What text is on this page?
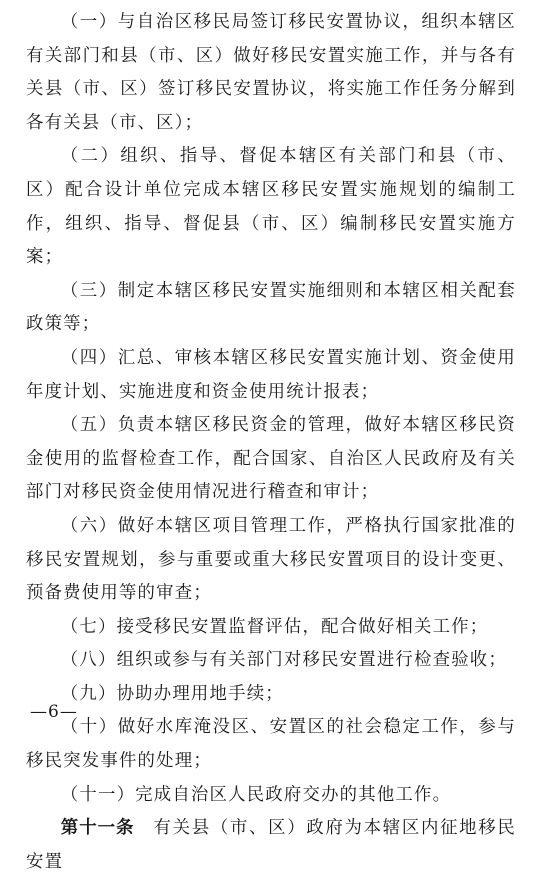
（一）与自治区移民局签订移民安置协议，组织本辖区有关部门和县（市、区）做好移民安置实施工作，并与各有关县（市、区）签订移民安置协议，将实施工作任务分解到各有关县（市、区）；

（二）组织、指导、督促本辖区有关部门和县（市、区）配合设计单位完成本辖区移民安置实施规划的编制工作，组织、指导、督促县（市、区）编制移民安置实施方案；

（三）制定本辖区移民安置实施细则和本辖区相关配套政策等；

（四）汇总、审核本辖区移民安置实施计划、资金使用年度计划、实施进度和资金使用统计报表；

（五）负责本辖区移民资金的管理，做好本辖区移民资金使用的监督检查工作，配合国家、自治区人民政府及有关部门对移民资金使用情况进行稽查和审计；

（六）做好本辖区项目管理工作，严格执行国家批准的移民安置规划，参与重要或重大移民安置项目的设计变更、预备费使用等的审查；

（七）接受移民安置监督评估，配合做好相关工作；

（八）组织或参与有关部门对移民安置进行检查验收；

（九）协助办理用地手续；

（十）做好水库淹没区、安置区的社会稳定工作，参与移民突发事件的处理；

（十一）完成自治区人民政府交办的其他工作。

第十一条　有关县（市、区）政府为本辖区内征地移民安置

—6—
